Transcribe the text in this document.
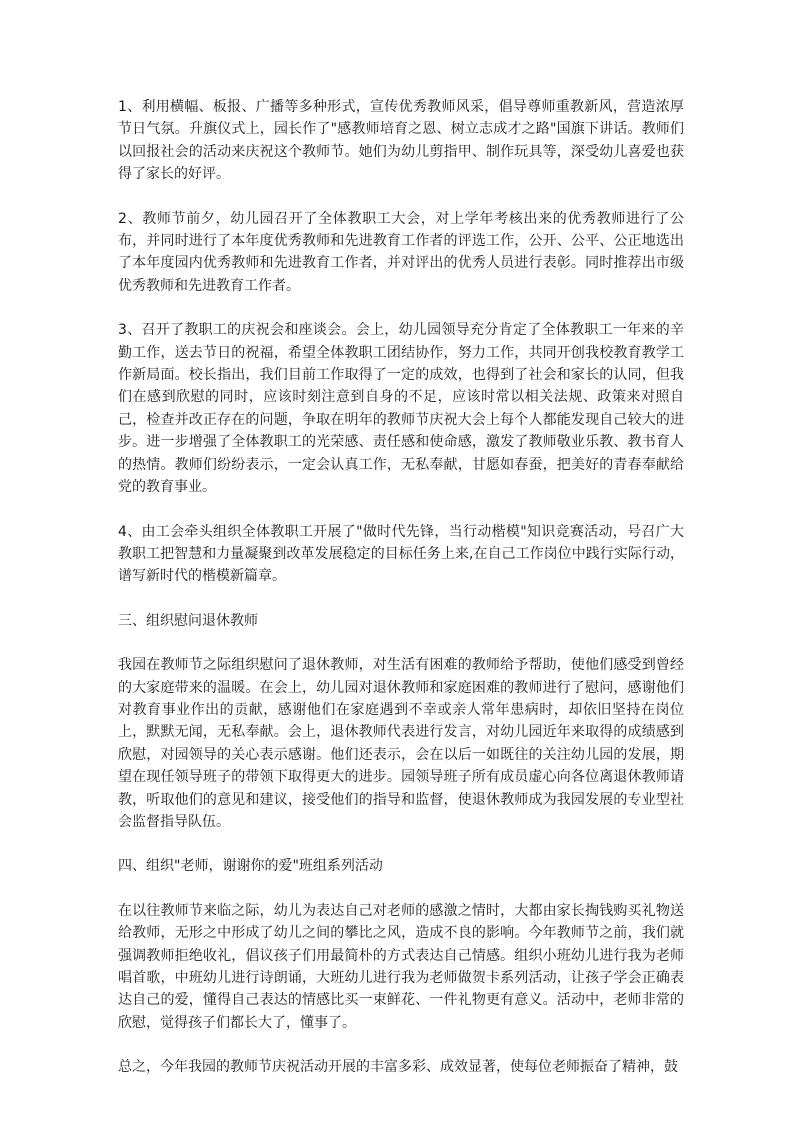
1、利用横幅、板报、广播等多种形式，宣传优秀教师风采，倡导尊师重教新风，营造浓厚节日气氛。升旗仪式上，园长作了"感教师培育之恩、树立志成才之路"国旗下讲话。教师们以回报社会的活动来庆祝这个教师节。她们为幼儿剪指甲、制作玩具等，深受幼儿喜爱也获得了家长的好评。

2、教师节前夕，幼儿园召开了全体教职工大会，对上学年考核出来的优秀教师进行了公布，并同时进行了本年度优秀教师和先进教育工作者的评选工作，公开、公平、公正地选出了本年度园内优秀教师和先进教育工作者，并对评出的优秀人员进行表彰。同时推荐出市级优秀教师和先进教育工作者。

3、召开了教职工的庆祝会和座谈会。会上，幼儿园领导充分肯定了全体教职工一年来的辛勤工作，送去节日的祝福，希望全体教职工团结协作，努力工作，共同开创我校教育教学工作新局面。校长指出，我们目前工作取得了一定的成效，也得到了社会和家长的认同，但我们在感到欣慰的同时，应该时刻注意到自身的不足，应该时常以相关法规、政策来对照自己，检查并改正存在的问题，争取在明年的教师节庆祝大会上每个人都能发现自己较大的进步。进一步增强了全体教职工的光荣感、责任感和使命感，激发了教师敬业乐教、教书育人的热情。教师们纷纷表示，一定会认真工作，无私奉献，甘愿如春蚕，把美好的青春奉献给党的教育事业。

4、由工会牵头组织全体教职工开展了"做时代先锋，当行动楷模"知识竞赛活动，号召广大教职工把智慧和力量凝聚到改革发展稳定的目标任务上来,在自己工作岗位中践行实际行动，谱写新时代的楷模新篇章。

三、组织慰问退休教师

我园在教师节之际组织慰问了退休教师，对生活有困难的教师给予帮助，使他们感受到曾经的大家庭带来的温暖。在会上，幼儿园对退休教师和家庭困难的教师进行了慰问，感谢他们对教育事业作出的贡献，感谢他们在家庭遇到不幸或亲人常年患病时，却依旧坚持在岗位上，默默无闻，无私奉献。会上，退休教师代表进行发言，对幼儿园近年来取得的成绩感到欣慰，对园领导的关心表示感谢。他们还表示，会在以后一如既往的关注幼儿园的发展，期望在现任领导班子的带领下取得更大的进步。园领导班子所有成员虚心向各位离退休教师请教，听取他们的意见和建议，接受他们的指导和监督，使退休教师成为我园发展的专业型社会监督指导队伍。

四、组织"老师，谢谢你的爱"班组系列活动

在以往教师节来临之际，幼儿为表达自己对老师的感激之情时，大都由家长掏钱购买礼物送给教师，无形之中形成了幼儿之间的攀比之风，造成不良的影响。今年教师节之前，我们就强调教师拒绝收礼，倡议孩子们用最简朴的方式表达自己情感。组织小班幼儿进行我为老师唱首歌，中班幼儿进行诗朗诵，大班幼儿进行我为老师做贺卡系列活动，让孩子学会正确表达自己的爱，懂得自己表达的情感比买一束鲜花、一件礼物更有意义。活动中，老师非常的欣慰，觉得孩子们都长大了，懂事了。

总之，今年我园的教师节庆祝活动开展的丰富多彩、成效显著，使每位老师振奋了精神，鼓
